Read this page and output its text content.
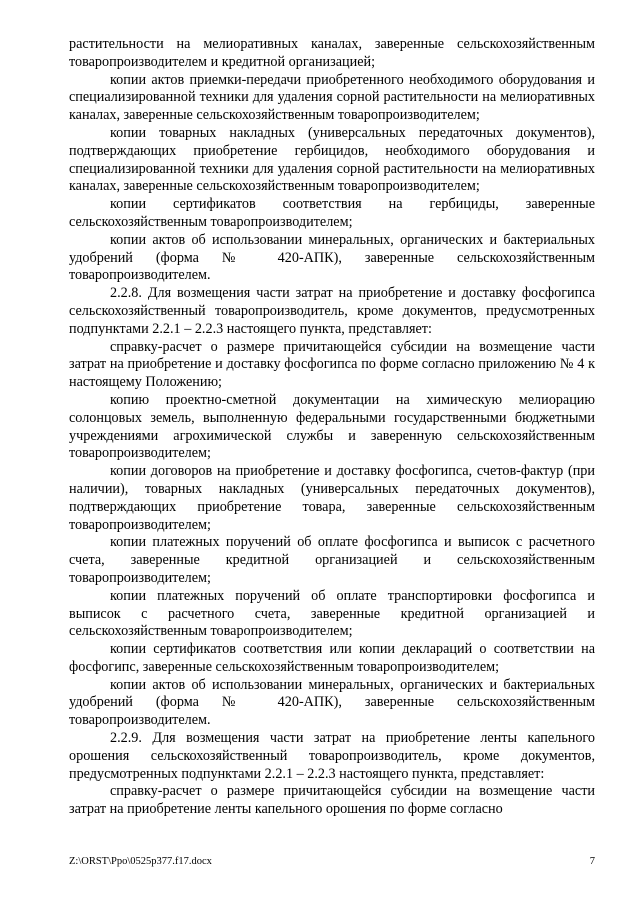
растительности на мелиоративных каналах, заверенные сельскохозяйственным товаропроизводителем и кредитной организацией;

копии актов приемки-передачи приобретенного необходимого оборудования и специализированной техники для удаления сорной растительности на мелиоративных каналах, заверенные сельскохозяйственным товаропроизводителем;

копии товарных накладных (универсальных передаточных документов), подтверждающих приобретение гербицидов, необходимого оборудования и специализированной техники для удаления сорной растительности на мелиоративных каналах, заверенные сельскохозяйственным товаропроизводителем;

копии сертификатов соответствия на гербициды, заверенные сельскохозяйственным товаропроизводителем;

копии актов об использовании минеральных, органических и бактериальных удобрений (форма № 420-АПК), заверенные сельскохозяйственным товаропроизводителем.

2.2.8. Для возмещения части затрат на приобретение и доставку фосфогипса сельскохозяйственный товаропроизводитель, кроме документов, предусмотренных подпунктами 2.2.1 – 2.2.3 настоящего пункта, представляет:

справку-расчет о размере причитающейся субсидии на возмещение части затрат на приобретение и доставку фосфогипса по форме согласно приложению № 4 к настоящему Положению;

копию проектно-сметной документации на химическую мелиорацию солонцовых земель, выполненную федеральными государственными бюджетными учреждениями агрохимической службы и заверенную сельскохозяйственным товаропроизводителем;

копии договоров на приобретение и доставку фосфогипса, счетов-фактур (при наличии), товарных накладных (универсальных передаточных документов), подтверждающих приобретение товара, заверенные сельскохозяйственным товаропроизводителем;

копии платежных поручений об оплате фосфогипса и выписок с расчетного счета, заверенные кредитной организацией и сельскохозяйственным товаропроизводителем;

копии платежных поручений об оплате транспортировки фосфогипса и выписок с расчетного счета, заверенные кредитной организацией и сельскохозяйственным товаропроизводителем;

копии сертификатов соответствия или копии деклараций о соответствии на фосфогипс, заверенные сельскохозяйственным товаропроизводителем;

копии актов об использовании минеральных, органических и бактериальных удобрений (форма № 420-АПК), заверенные сельскохозяйственным товаропроизводителем.

2.2.9. Для возмещения части затрат на приобретение ленты капельного орошения сельскохозяйственный товаропроизводитель, кроме документов, предусмотренных подпунктами 2.2.1 – 2.2.3 настоящего пункта, представляет:

справку-расчет о размере причитающейся субсидии на возмещение части затрат на приобретение ленты капельного орошения по форме согласно

Z:\ORST\Ppo\0525p377.f17.docx	7
